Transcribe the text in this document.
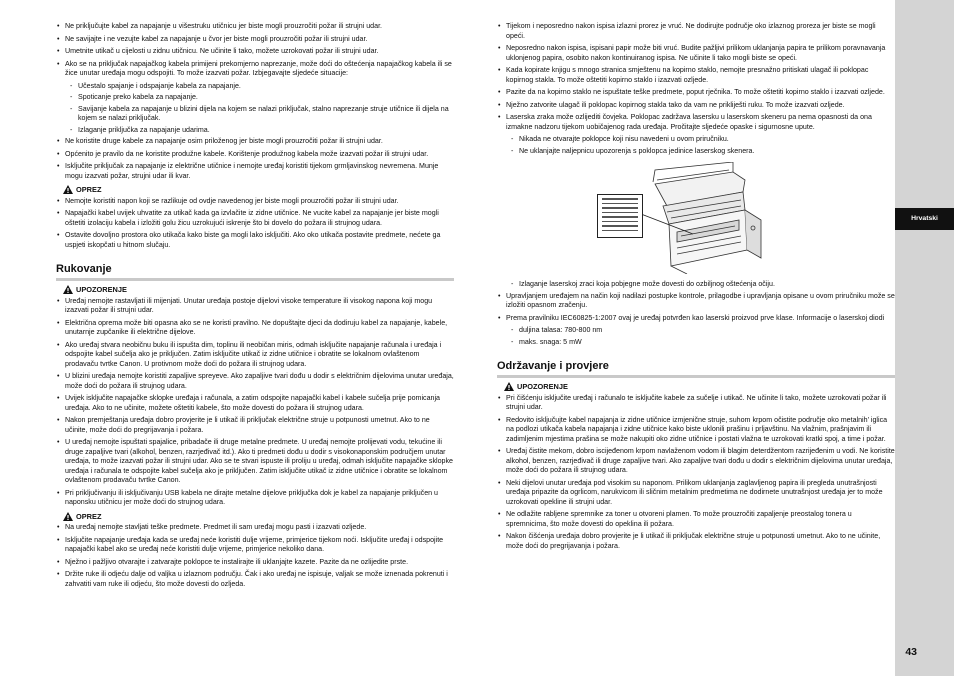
• Ne priključujte kabel za napajanje u višestruku utičnicu jer biste mogli prouzročiti požar ili strujni udar.
• Ne savijajte i ne vezujte kabel za napajanje u čvor jer biste mogli prouzročiti požar ili strujni udar.
• Umetnite utikač u cijelosti u zidnu utičnicu. Ne učinite li tako, možete uzrokovati požar ili strujni udar.
• Ako se na priključak napajačkog kabela primijeni prekomjerno naprezanje, može doći do oštećenja napajačkog kabela ili se žice unutar uređaja mogu odspojiti. To može izazvati požar. Izbjegavajte sljedeće situacije:
- Učestalo spajanje i odspajanje kabela za napajanje.
- Spoticanje preko kabela za napajanje.
- Savijanje kabela za napajanje u blizini dijela na kojem se nalazi priključak, stalno naprezanje struje utičnice ili dijela na kojem se nalazi priključak.
- Izlaganje priključka za napajanje udarima.
• Ne koristite druge kabele za napajanje osim priloženog jer biste mogli prouzročiti požar ili strujni udar.
• Općenito je pravilo da ne koristite produžne kabele. Korištenje produžnog kabela može izazvati požar ili strujni udar.
• Isključite priključak za napajanje iz električne utičnice i nemojte uređaj koristiti tijekom grmljavinskog nevremena. Munje mogu izazvati požar, strujni udar ili kvar.
OPREZ
• Nemojte koristiti napon koji se razlikuje od ovdje navedenog jer biste mogli prouzročiti požar ili strujni udar.
• Napajački kabel uvijek uhvatite za utikač kada ga izvlačite iz zidne utičnice. Ne vucite kabel za napajanje jer biste mogli oštetiti izolaciju kabela i izložiti golu žicu uzrokujući iskrenje što bi dovelo do požara ili strujnog udara.
• Ostavite dovoljno prostora oko utikača kako biste ga mogli lako isključiti. Ako oko utikača postavite predmete, nećete ga uspjeti iskopčati u hitnom slučaju.
Rukovanje
UPOZORENJE
• Uređaj nemojte rastavljati ili mijenjati. Unutar uređaja postoje dijelovi visoke temperature ili visokog napona koji mogu izazvati požar ili strujni udar.
• Električna oprema može biti opasna ako se ne koristi pravilno. Ne dopuštajte djeci da dodiruju kabel za napajanje, kabele, unutarnje zupčanike ili električne dijelove.
• Ako uređaj stvara neobičnu buku ili ispušta dim, toplinu ili neobičan miris, odmah isključite napajanje računala i uređaja i odspojite kabel sučelja ako je priključen. Zatim isključite utikač iz zidne utičnice i obratite se lokalnom ovlaštenom prodavaču tvrtke Canon. U protivnom može doći do požara ili strujnog udara.
• U blizini uređaja nemojte koristiti zapaljive spreyeve. Ako zapaljive tvari dođu u dodir s električnim dijelovima unutar uređaja, može doći do požara ili strujnog udara.
• Uvijek isključite napajačke sklopke uređaja i računala, a zatim odspojite napajački kabel i kabele sučelja prije pomicanja uređaja. Ako to ne učinite, možete oštetiti kabele, što može dovesti do požara ili strujnog udara.
• Nakon premještanja uređaja dobro provjerite je li utikač ili priključak električne struje u potpunosti umetnut. Ako to ne učinite, može doći do pregrijavanja i požara.
• U uređaj nemojte ispuštati spajalice, pribadače ili druge metalne predmete. U uređaj nemojte prolijevati vodu, tekućine ili druge zapaljive tvari (alkohol, benzen, razrjeđivač itd.). Ako ti predmeti dođu u dodir s visokonaponskim područjem unutar uređaja, to može izazvati požar ili strujni udar. Ako se te stvari ispuste ili proliju u uređaj, odmah isključite napajačke sklopke uređaja i računala te odspojite kabel sučelja ako je priključen. Zatim isključite utikač iz zidne utičnice i obratite se lokalnom ovlaštenom prodavaču tvrtke Canon.
• Pri priključivanju ili isključivanju USB kabela ne dirajte metalne dijelove priključka dok je kabel za napajanje priključen u naponsku utičnicu jer može doći do strujnog udara.
OPREZ
• Na uređaj nemojte stavljati teške predmete. Predmet ili sam uređaj mogu pasti i izazvati ozljede.
• Isključite napajanje uređaja kada se uređaj neće koristiti dulje vrijeme, primjerice tijekom noći. Isključite uređaj i odspojite napajački kabel ako se uređaj neće koristiti dulje vrijeme, primjerice nekoliko dana.
• Nježno i pažljivo otvarajte i zatvarajte poklopce te instalirajte ili uklanjajte kazete. Pazite da ne ozlijedite prste.
• Držite ruke ili odjeću dalje od valjka u izlaznom području. Čak i ako uređaj ne ispisuje, valjak se može iznenada pokrenuti i zahvatiti vam ruke ili odjeću, što može dovesti do ozljeda.
• Tijekom i neposredno nakon ispisa izlazni prorez je vruć. Ne dodirujte područje oko izlaznog proreza jer biste se mogli opeći.
• Neposredno nakon ispisa, ispisani papir može biti vruć. Budite pažljivi prilikom uklanjanja papira te prilikom poravnavanja uklonjenog papira, osobito nakon kontinuiranog ispisa. Ne učinite li tako mogli biste se opeći.
• Kada kopirate knjigu s mnogo stranica smještenu na kopirno staklo, nemojte presnažno pritiskati ulagač ili poklopac kopirnog stakla. To može oštetiti kopirno staklo i izazvati ozljede.
• Pazite da na kopirno staklo ne ispuštate teške predmete, poput rječnika. To može oštetiti kopirno staklo i izazvati ozljede.
• Nježno zatvorite ulagač ili poklopac kopirnog stakla tako da vam ne prikliješti ruku. To može izazvati ozljede.
• Laserska zraka može ozlijediti čovjeka. Poklopac zadržava lasersku u laserskom skeneru pa nema opasnosti da ona izmakne nadzoru tijekom uobičajenog rada uređaja. Pročitajte sljedeće opaske i sigurnosne upute.
- Nikada ne otvarajte poklopce koji nisu navedeni u ovom priručniku.
- Ne uklanjajte naljepnicu upozorenja s poklopca jedinice laserskog skenera.
- Izlaganje laserskoj zraci koja pobjegne može dovesti do ozbiljnog oštećenja očiju.
• Upravljanjem uređajem na način koji nadilazi postupke kontrole, prilagodbe i upravljanja opisane u ovom priručniku može se izložiti opasnom zračenju.
• Prema pravilniku IEC60825-1:2007 ovaj je uređaj potvrđen kao laserski proizvod prve klase. Informacije o laserskoj diodi
- duljina talasa: 780-800 nm
- maks. snaga: 5 mW
Održavanje i provjere
UPOZORENJE
• Pri čišćenju isključite uređaj i računalo te isključite kabele za sučelje i utikač. Ne učinite li tako, možete uzrokovati požar ili strujni udar.
• Redovito isključujte kabel napajanja iz zidne utičnice izmjenične struje, suhom krpom očistite područje oko metalnih' iglica na podlozi utikača kabela napajanja i zidne utičnice kako biste uklonili prašinu i prljavštinu. Na vlažnim, prašnjavim ili zadimljenim mjestima prašina se može nakupiti oko zidne utičnice i postati vlažna te uzrokovati kratki spoj, a time i požar.
• Uređaj čistite mekom, dobro iscijeđenom krpom navlaženom vodom ili blagim deterdžentom razrijeđenim u vodi. Ne koristite alkohol, benzen, razrjeđivač ili druge zapaljive tvari. Ako zapaljive tvari dođu u dodir s električnim dijelovima unutar uređaja, može doći do požara ili strujnog udara.
• Neki dijelovi unutar uređaja pod visokim su naponom. Prilikom uklanjanja zaglavljenog papira ili pregleda unutrašnjosti uređaja pripazite da ogrlicom, narukvicom ili sličnim metalnim predmetima ne dodirnete unutrašnjost uređaja jer to može uzrokovati opekline ili strujni udar.
• Ne odlažite rabljene spremnike za toner u otvoreni plamen. To može prouzročiti zapaljenje preostalog tonera u spremnicima, što može dovesti do opeklina ili požara.
• Nakon čišćenja uređaja dobro provjerite je li utikač ili priključak električne struje u potpunosti umetnut. Ako to ne učinite, može doći do pregrijavanja i požara.
Hrvatski
43
